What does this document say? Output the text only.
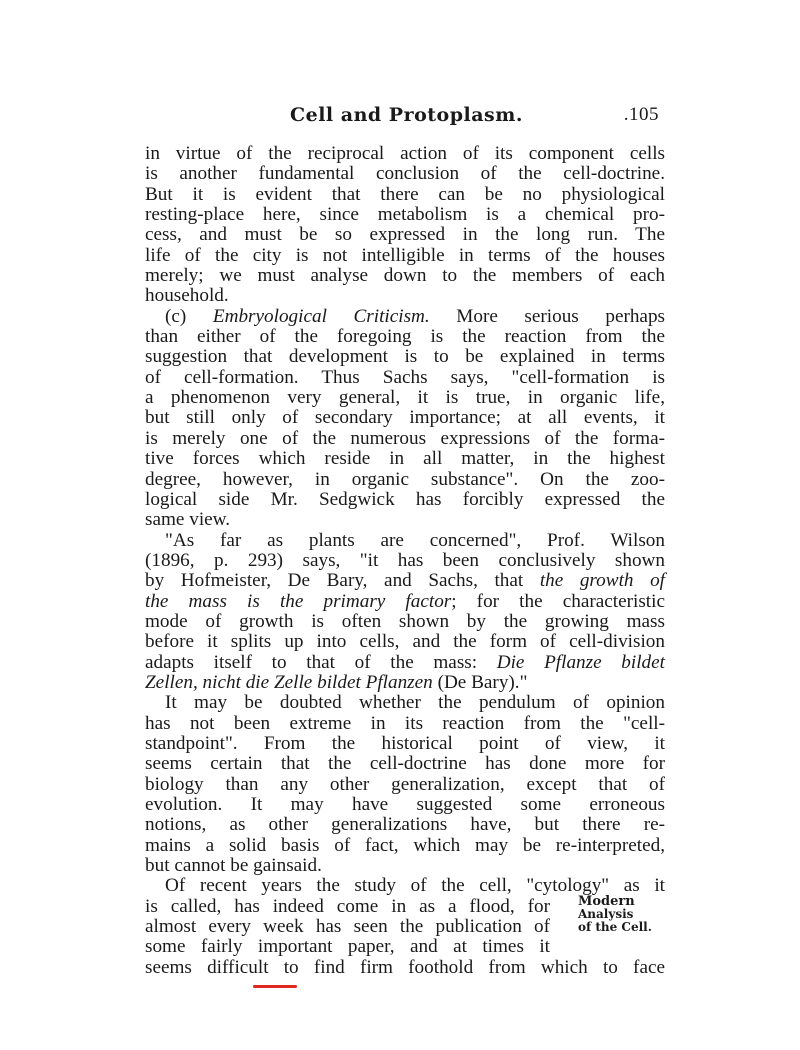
Cell and Protoplasm.	.105
in virtue of the reciprocal action of its component cells
is another fundamental conclusion of the cell-doctrine.
But it is evident that there can be no physiological
resting-place here, since metabolism is a chemical pro-
cess, and must be so expressed in the long run. The
life of the city is not intelligible in terms of the houses
merely; we must analyse down to the members of each
household.
(c) Embryological Criticism. More serious perhaps
than either of the foregoing is the reaction from the
suggestion that development is to be explained in terms
of cell-formation. Thus Sachs says, "cell-formation is
a phenomenon very general, it is true, in organic life,
but still only of secondary importance; at all events, it
is merely one of the numerous expressions of the forma-
tive forces which reside in all matter, in the highest
degree, however, in organic substance". On the zoo-
logical side Mr. Sedgwick has forcibly expressed the
same view.
"As far as plants are concerned", Prof. Wilson
(1896, p. 293) says, "it has been conclusively shown
by Hofmeister, De Bary, and Sachs, that the growth of
the mass is the primary factor; for the characteristic
mode of growth is often shown by the growing mass
before it splits up into cells, and the form of cell-division
adapts itself to that of the mass: Die Pflanze bildet
Zellen, nicht die Zelle bildet Pflanzen (De Bary)."
It may be doubted whether the pendulum of opinion
has not been extreme in its reaction from the "cell-
standpoint". From the historical point of view, it
seems certain that the cell-doctrine has done more for
biology than any other generalization, except that of
evolution. It may have suggested some erroneous
notions, as other generalizations have, but there re-
mains a solid basis of fact, which may be re-interpreted,
but cannot be gainsaid.
Of recent years the study of the cell, "cytology" as it
is called, has indeed come in as a flood, for
almost every week has seen the publication of
some fairly important paper, and at times it
seems difficult to find firm foothold from which to face
Modern
Analysis
of the Cell.
